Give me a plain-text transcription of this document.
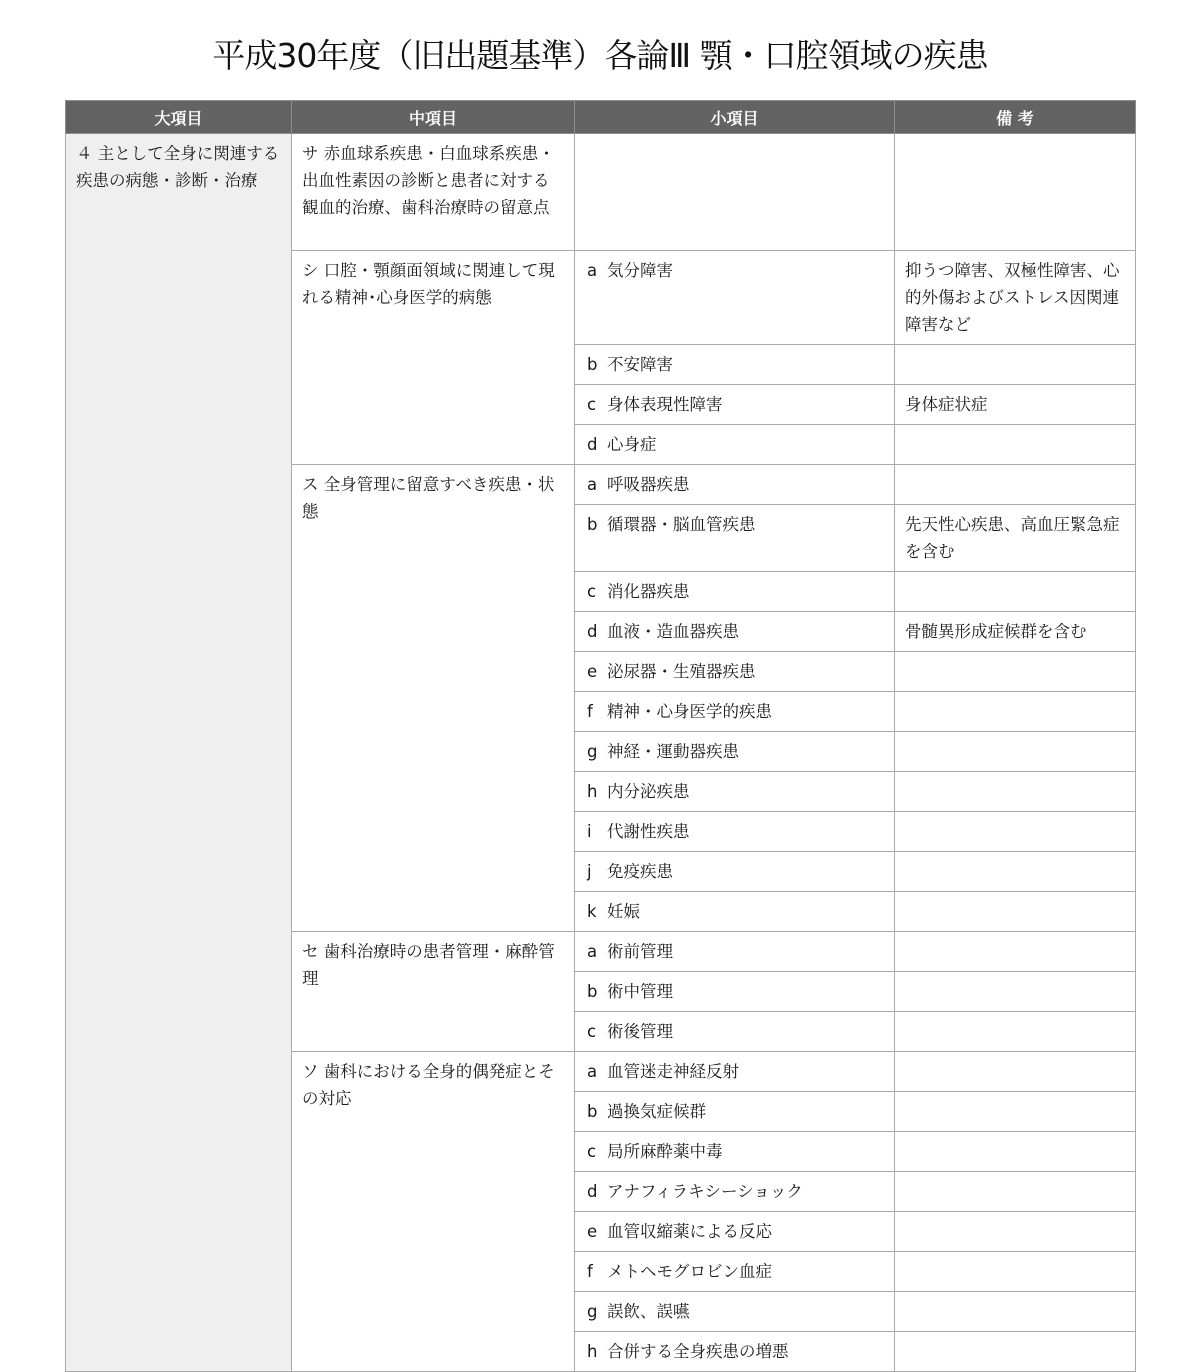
平成30年度（旧出題基準）各論Ⅲ 顎・口腔領域の疾患
大項目	中項目	小項目	備 考
４ 主として全身に関連する疾患の病態・診断・治療	サ 赤血球系疾患・白血球系疾患・出血性素因の診断と患者に対する観血的治療、歯科治療時の留意点		
	シ 口腔・顎顔面領域に関連して現れる精神･心身医学的病態	a 気分障害	抑うつ障害、双極性障害、心的外傷およびストレス因関連障害など
		b 不安障害	
		c 身体表現性障害	身体症状症
		d 心身症	
	ス 全身管理に留意すべき疾患・状態	a 呼吸器疾患	
		b 循環器・脳血管疾患	先天性心疾患、高血圧緊急症を含む
		c 消化器疾患	
		d 血液・造血器疾患	骨髄異形成症候群を含む
		e 泌尿器・生殖器疾患	
		f 精神・心身医学的疾患	
		g 神経・運動器疾患	
		h 内分泌疾患	
		i 代謝性疾患	
		j 免疫疾患	
		k 妊娠	
	セ 歯科治療時の患者管理・麻酔管理	a 術前管理	
		b 術中管理	
		c 術後管理	
	ソ 歯科における全身的偶発症とその対応	a 血管迷走神経反射	
		b 過換気症候群	
		c 局所麻酔薬中毒	
		d アナフィラキシーショック	
		e 血管収縮薬による反応	
		f メトヘモグロビン血症	
		g 誤飲、誤嚥	
		h 合併する全身疾患の増悪	
